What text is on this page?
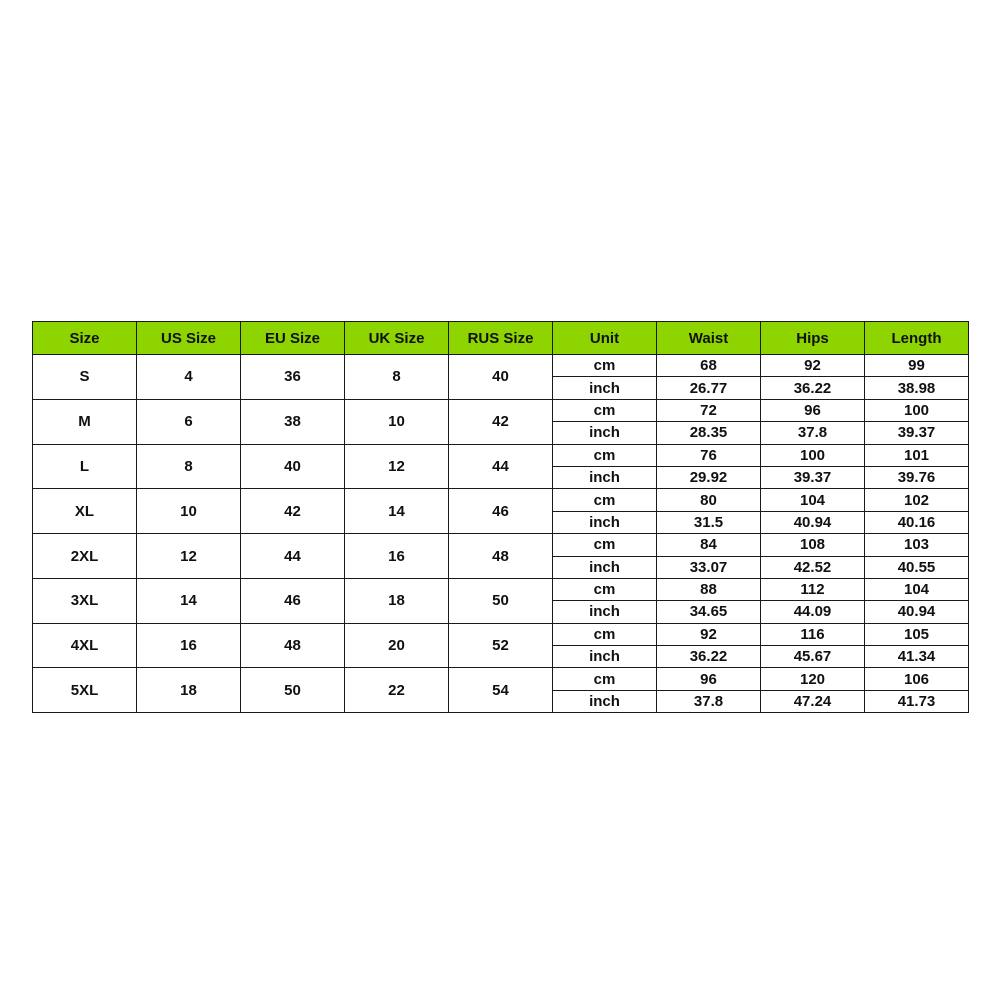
Size	US Size	EU Size	UK Size	RUS Size	Unit	Waist	Hips	Length
S	4	36	8	40	cm	68	92	99
					inch	26.77	36.22	38.98
M	6	38	10	42	cm	72	96	100
					inch	28.35	37.8	39.37
L	8	40	12	44	cm	76	100	101
					inch	29.92	39.37	39.76
XL	10	42	14	46	cm	80	104	102
					inch	31.5	40.94	40.16
2XL	12	44	16	48	cm	84	108	103
					inch	33.07	42.52	40.55
3XL	14	46	18	50	cm	88	112	104
					inch	34.65	44.09	40.94
4XL	16	48	20	52	cm	92	116	105
					inch	36.22	45.67	41.34
5XL	18	50	22	54	cm	96	120	106
					inch	37.8	47.24	41.73
